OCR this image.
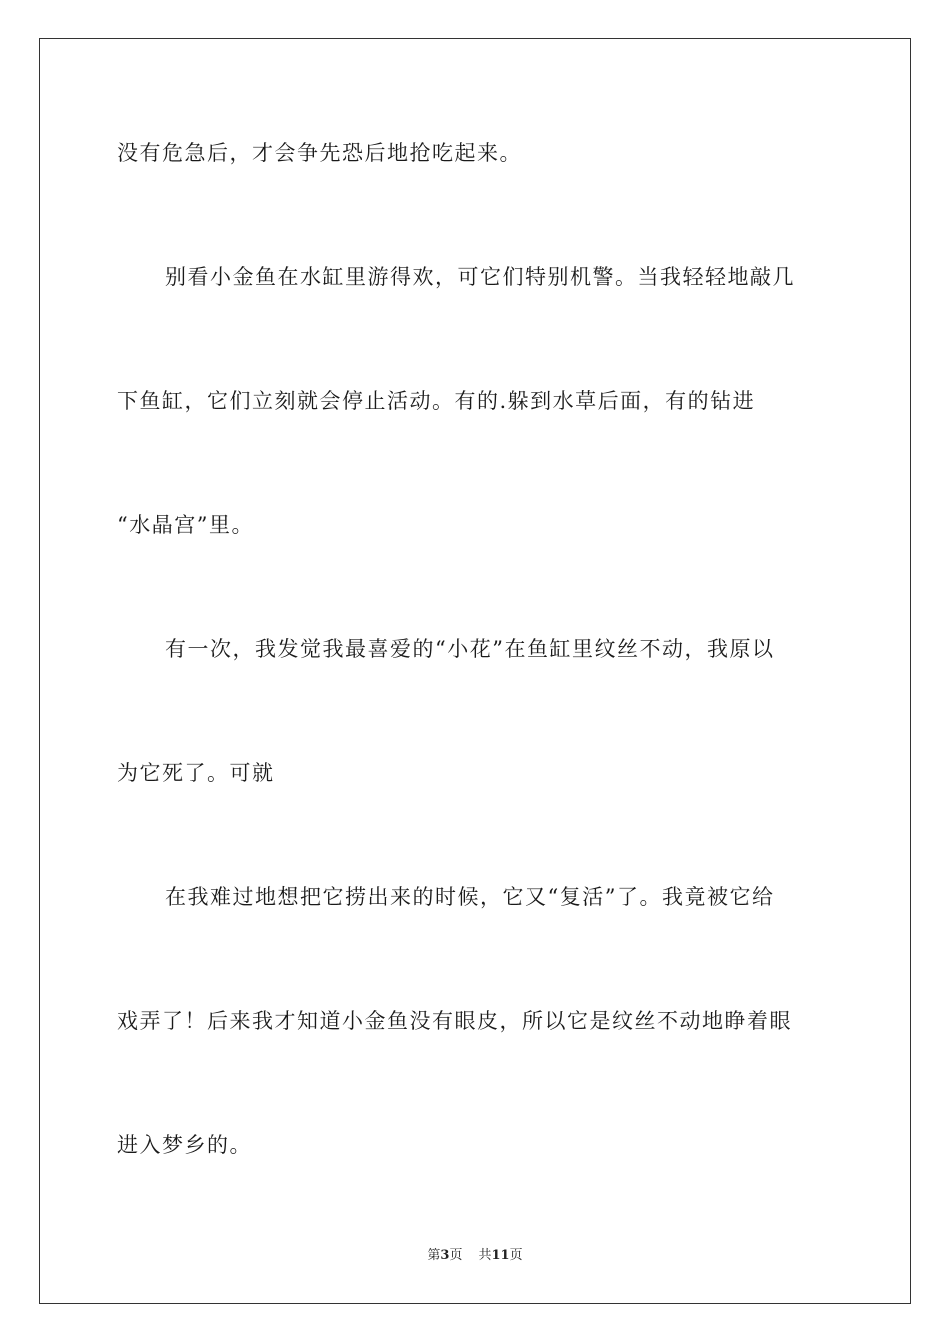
没有危急后，才会争先恐后地抢吃起来。
别看小金鱼在水缸里游得欢，可它们特别机警。当我轻轻地敲几
下鱼缸，它们立刻就会停止活动。有的.躲到水草后面，有的钻进
“水晶宫”里。
有一次，我发觉我最喜爱的“小花”在鱼缸里纹丝不动，我原以
为它死了。可就
在我难过地想把它捞出来的时候，它又“复活”了。我竟被它给
戏弄了！后来我才知道小金鱼没有眼皮，所以它是纹丝不动地睁着眼
进入梦乡的。
第3页 共11页
